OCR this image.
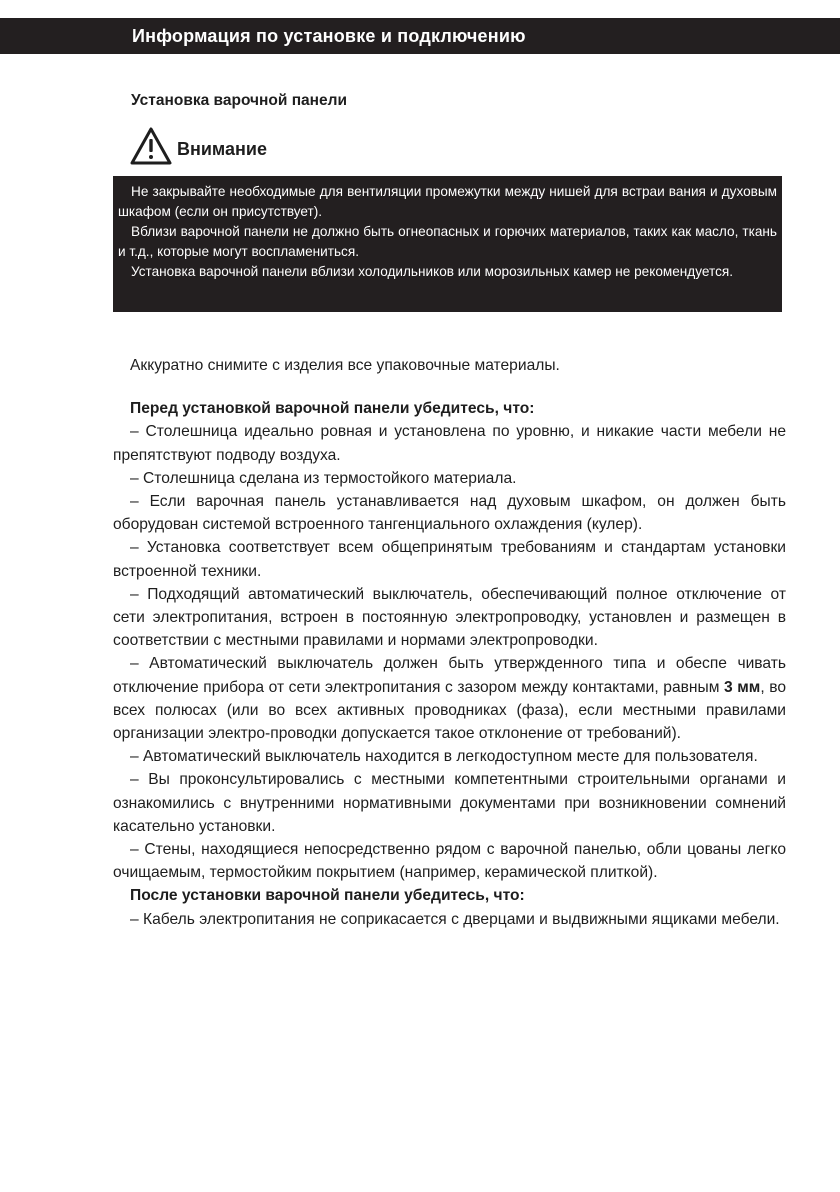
Информация по установке и подключению
Установка варочной панели
Внимание

Не закрывайте необходимые для вентиляции промежутки между нишей для встраи вания и духовым шкафом (если он присутствует).

Вблизи варочной панели не должно быть огнеопасных и горючих материалов, таких как масло, ткань и т.д., которые могут воспламениться.

Установка варочной панели вблизи холодильников или морозильных камер не рекомендуется.

Аккуратно снимите с изделия все упаковочные материалы.

Перед установкой варочной панели убедитесь, что:

– Столешница идеально ровная и установлена по уровню, и никакие части мебели не препятствуют подводу воздуха.

– Столешница сделана из термостойкого материала.

– Если варочная панель устанавливается над духовым шкафом, он должен быть оборудован системой встроенного тангенциального охлаждения (кулер).

– Установка соответствует всем общепринятым требованиям и стандартам установки встроенной техники.

– Подходящий автоматический выключатель, обеспечивающий полное отключение от сети электропитания, встроен в постоянную электропроводку, установлен и размещен в соответствии с местными правилами и нормами электропроводки.

– Автоматический выключатель должен быть утвержденного типа и обеспе чивать отключение прибора от сети электропитания с зазором между контактами, равным 3 мм, во всех полюсах (или во всех активных проводниках (фаза), если местными правилами организации электро-проводки допускается такое отклонение от требований).

– Автоматический выключатель находится в легкодоступном месте для пользователя.

– Вы проконсультировались с местными компетентными строительными органами и ознакомились с внутренними нормативными документами при возникновении сомнений касательно установки.

– Стены, находящиеся непосредственно рядом с варочной панелью, обли цованы легко очищаемым, термостойким покрытием (например, керамической плиткой).

После установки варочной панели убедитесь, что:

– Кабель электропитания не соприкасается с дверцами и выдвижными ящиками мебели.
